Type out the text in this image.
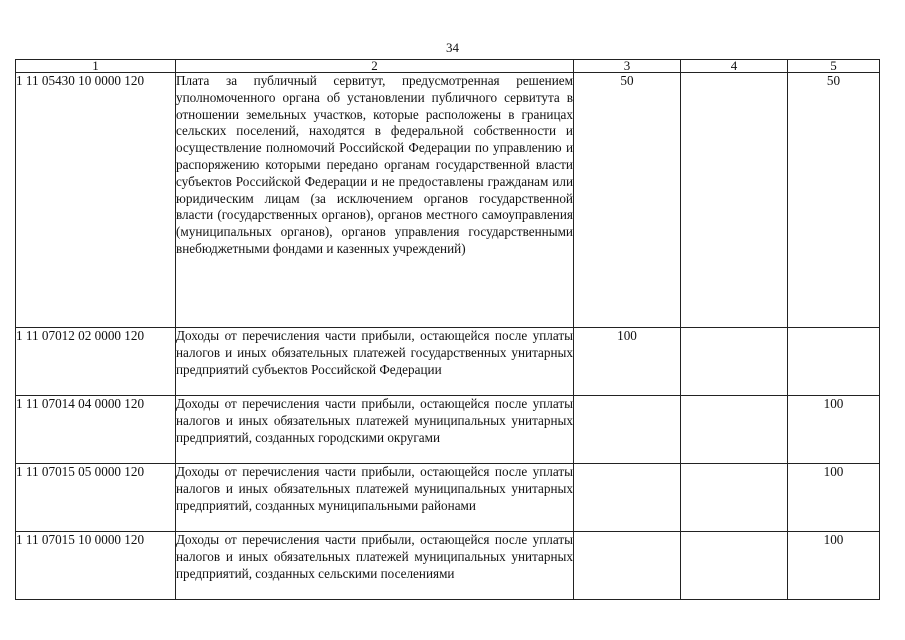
34
1	2	3	4	5
1 11 05430 10 0000 120	Плата за публичный сервитут, предусмотренная решением уполномоченного органа об установлении публичного сервитута в отношении земельных участков, которые расположены в границах сельских поселений, находятся в федеральной собственности и осуществление полномочий Российской Федерации по управлению и распоряжению которыми передано органам государственной власти субъектов Российской Федерации и не предоставлены гражданам или юридическим лицам (за исключением органов государственной власти (государственных органов), органов местного самоуправления (муниципальных органов), органов управления государственными внебюджетными фондами и казенных учреждений)	50		50
1 11 07012 02 0000 120	Доходы от перечисления части прибыли, остающейся после уплаты налогов и иных обязательных платежей государственных унитарных предприятий субъектов Российской Федерации	100		
1 11 07014 04 0000 120	Доходы от перечисления части прибыли, остающейся после уплаты налогов и иных обязательных платежей муниципальных унитарных предприятий, созданных городскими округами			100
1 11 07015 05 0000 120	Доходы от перечисления части прибыли, остающейся после уплаты налогов и иных обязательных платежей муниципальных унитарных предприятий, созданных муниципальными районами			100
1 11 07015 10 0000 120	Доходы от перечисления части прибыли, остающейся после уплаты налогов и иных обязательных платежей муниципальных унитарных предприятий, созданных сельскими поселениями			100
